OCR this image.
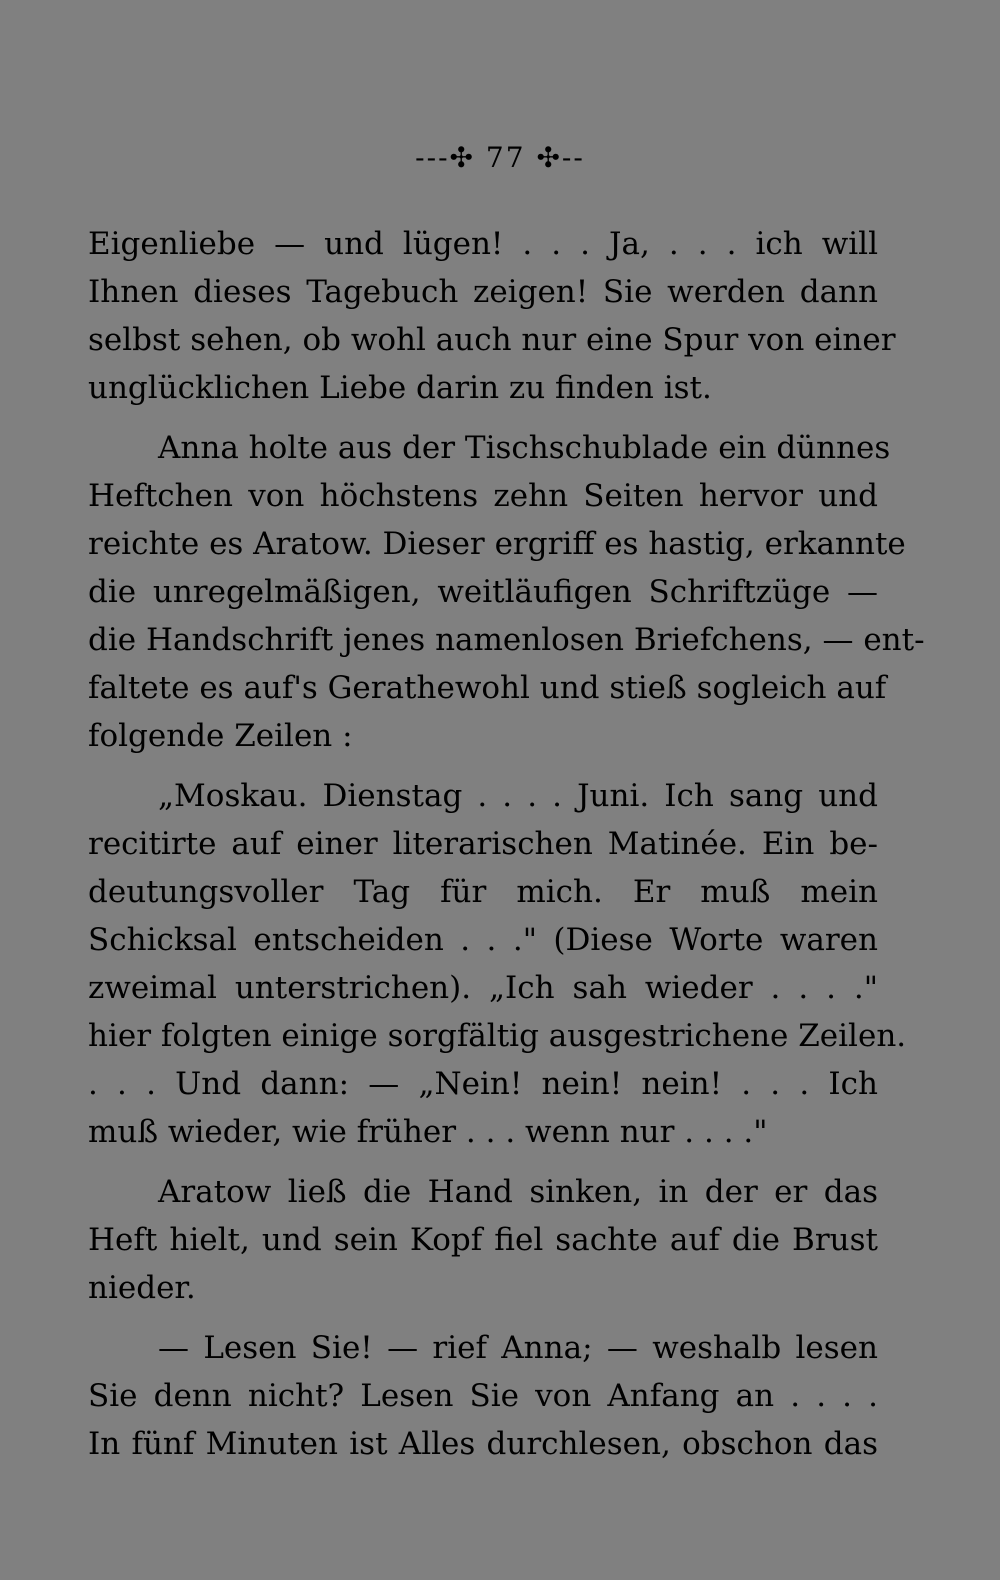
---✣ 77 ✣--

Eigenliebe — und lügen! . . . Ja, . . . ich will
Ihnen dieses Tagebuch zeigen! Sie werden dann
selbst sehen, ob wohl auch nur eine Spur von einer
unglücklichen Liebe darin zu finden ist.

Anna holte aus der Tischschublade ein dünnes
Heftchen von höchstens zehn Seiten hervor und
reichte es Aratow. Dieser ergriff es hastig, erkannte
die unregelmäßigen, weitläufigen Schriftzüge —
die Handschrift jenes namenlosen Briefchens, — ent-
faltete es auf's Gerathewohl und stieß sogleich auf
folgende Zeilen :

„Moskau. Dienstag . . . . Juni. Ich sang und
recitirte auf einer literarischen Matinée. Ein be-
deutungsvoller Tag für mich. Er muß mein
Schicksal entscheiden . . ." (Diese Worte waren
zweimal unterstrichen). „Ich sah wieder . . . ."
hier folgten einige sorgfältig ausgestrichene Zeilen.
. . . Und dann: — „Nein! nein! nein! . . . Ich
muß wieder, wie früher . . . wenn nur . . . ."

Aratow ließ die Hand sinken, in der er das
Heft hielt, und sein Kopf fiel sachte auf die Brust
nieder.

— Lesen Sie! — rief Anna; — weshalb lesen
Sie denn nicht? Lesen Sie von Anfang an . . . .
In fünf Minuten ist Alles durchlesen, obschon das
